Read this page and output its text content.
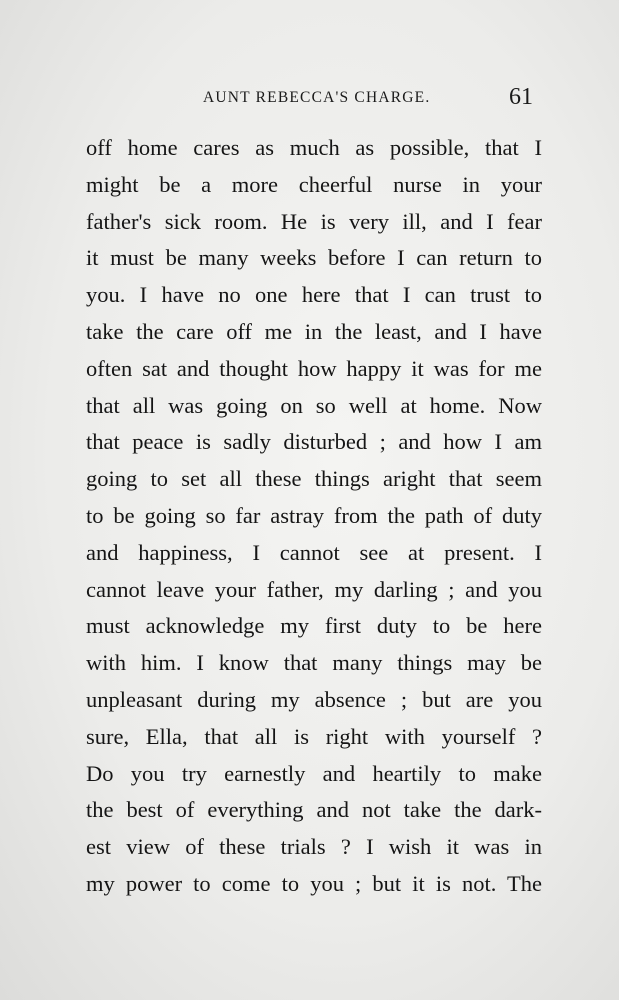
AUNT REBECCA'S CHARGE.	61
off home cares as much as possible, that I
might be a more cheerful nurse in your
father's sick room. He is very ill, and I fear
it must be many weeks before I can return to
you. I have no one here that I can trust to
take the care off me in the least, and I have
often sat and thought how happy it was for me
that all was going on so well at home. Now
that peace is sadly disturbed ; and how I am
going to set all these things aright that seem
to be going so far astray from the path of duty
and happiness, I cannot see at present. I
cannot leave your father, my darling ; and you
must acknowledge my first duty to be here
with him. I know that many things may be
unpleasant during my absence ; but are you
sure, Ella, that all is right with yourself ?
Do you try earnestly and heartily to make
the best of everything and not take the dark-
est view of these trials ? I wish it was in
my power to come to you ; but it is not. The
